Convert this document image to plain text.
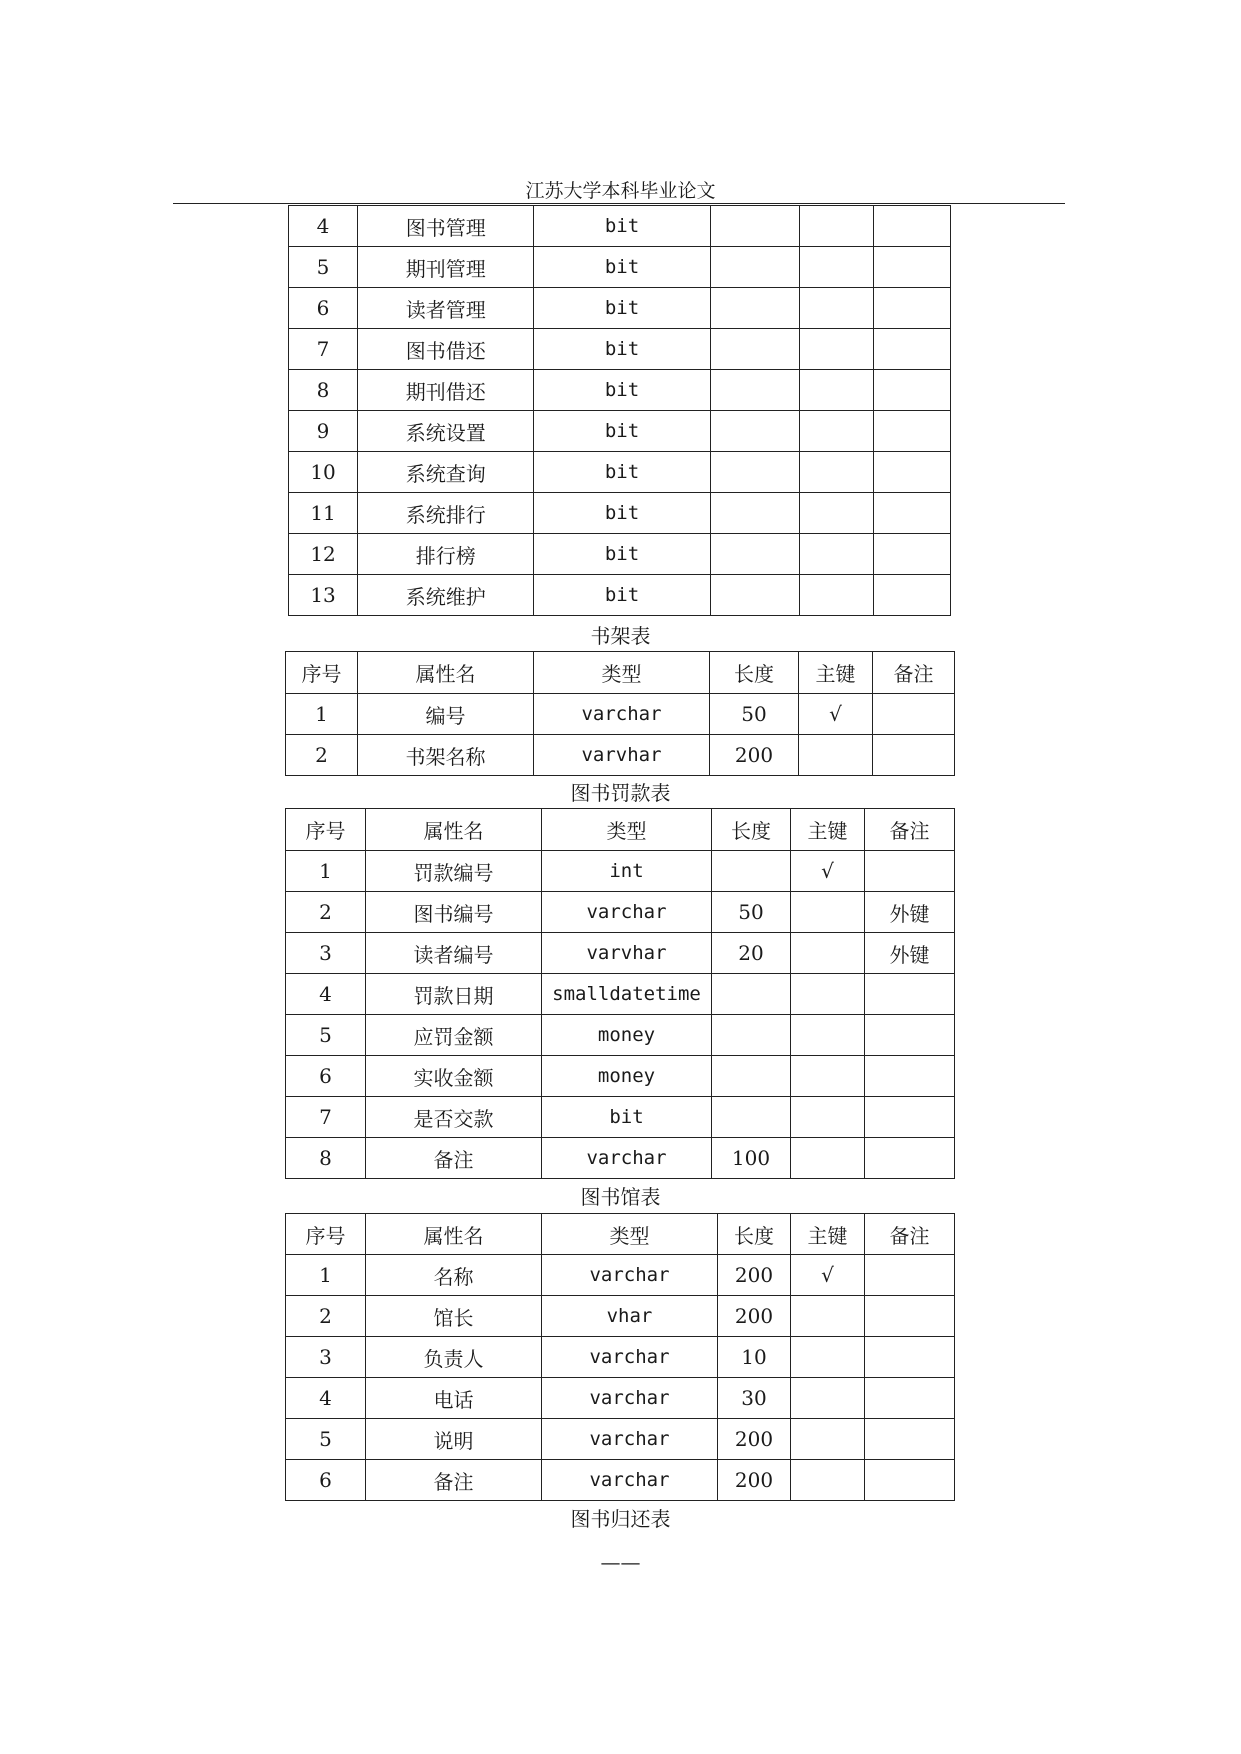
江苏大学本科毕业论文
4	图书管理	bit			
5	期刊管理	bit			
6	读者管理	bit			
7	图书借还	bit			
8	期刊借还	bit			
9	系统设置	bit			
10	系统查询	bit			
11	系统排行	bit			
12	排行榜	bit			
13	系统维护	bit			
书架表
序号	属性名	类型	长度	主键	备注
1	编号	varchar	50	√	
2	书架名称	varvhar	200		
图书罚款表
序号	属性名	类型	长度	主键	备注
1	罚款编号	int		√	
2	图书编号	varchar	50		外键
3	读者编号	varvhar	20		外键
4	罚款日期	smalldatetime			
5	应罚金额	money			
6	实收金额	money			
7	是否交款	bit			
8	备注	varchar	100		
图书馆表
序号	属性名	类型	长度	主键	备注
1	名称	varchar	200	√	
2	馆长	vhar	200		
3	负责人	varchar	10		
4	电话	varchar	30		
5	说明	varchar	200		
6	备注	varchar	200		
图书归还表
——
